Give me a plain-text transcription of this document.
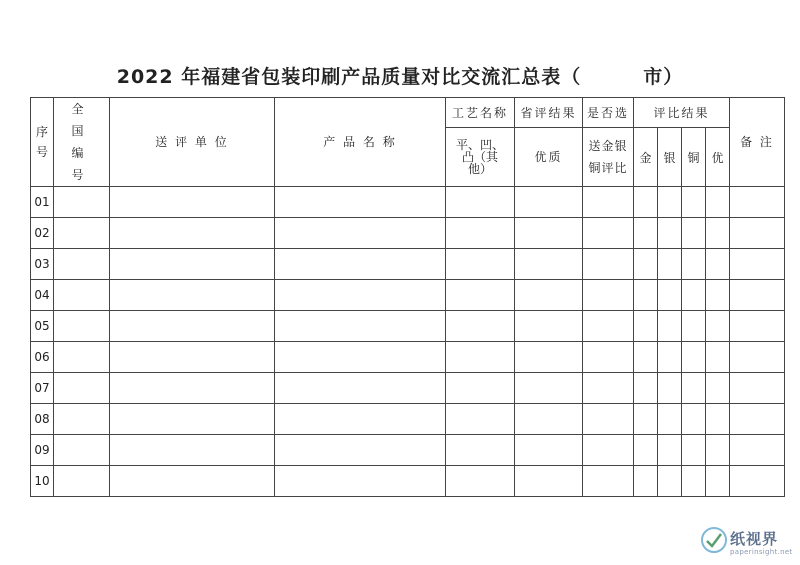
2022 年福建省包装印刷产品质量对比交流汇总表（	市）
序号	全国编号	送 评 单 位	产 品 名 称	工艺名称	省评结果	是否选	评比结果				备 注
				平、凹、凸（其他）	优质	送金银铜评比	金	银	铜	优	

01											
02											
03											
04											
05											
06											
07											
08											
09											
10											
纸视界
paperinsight.net
